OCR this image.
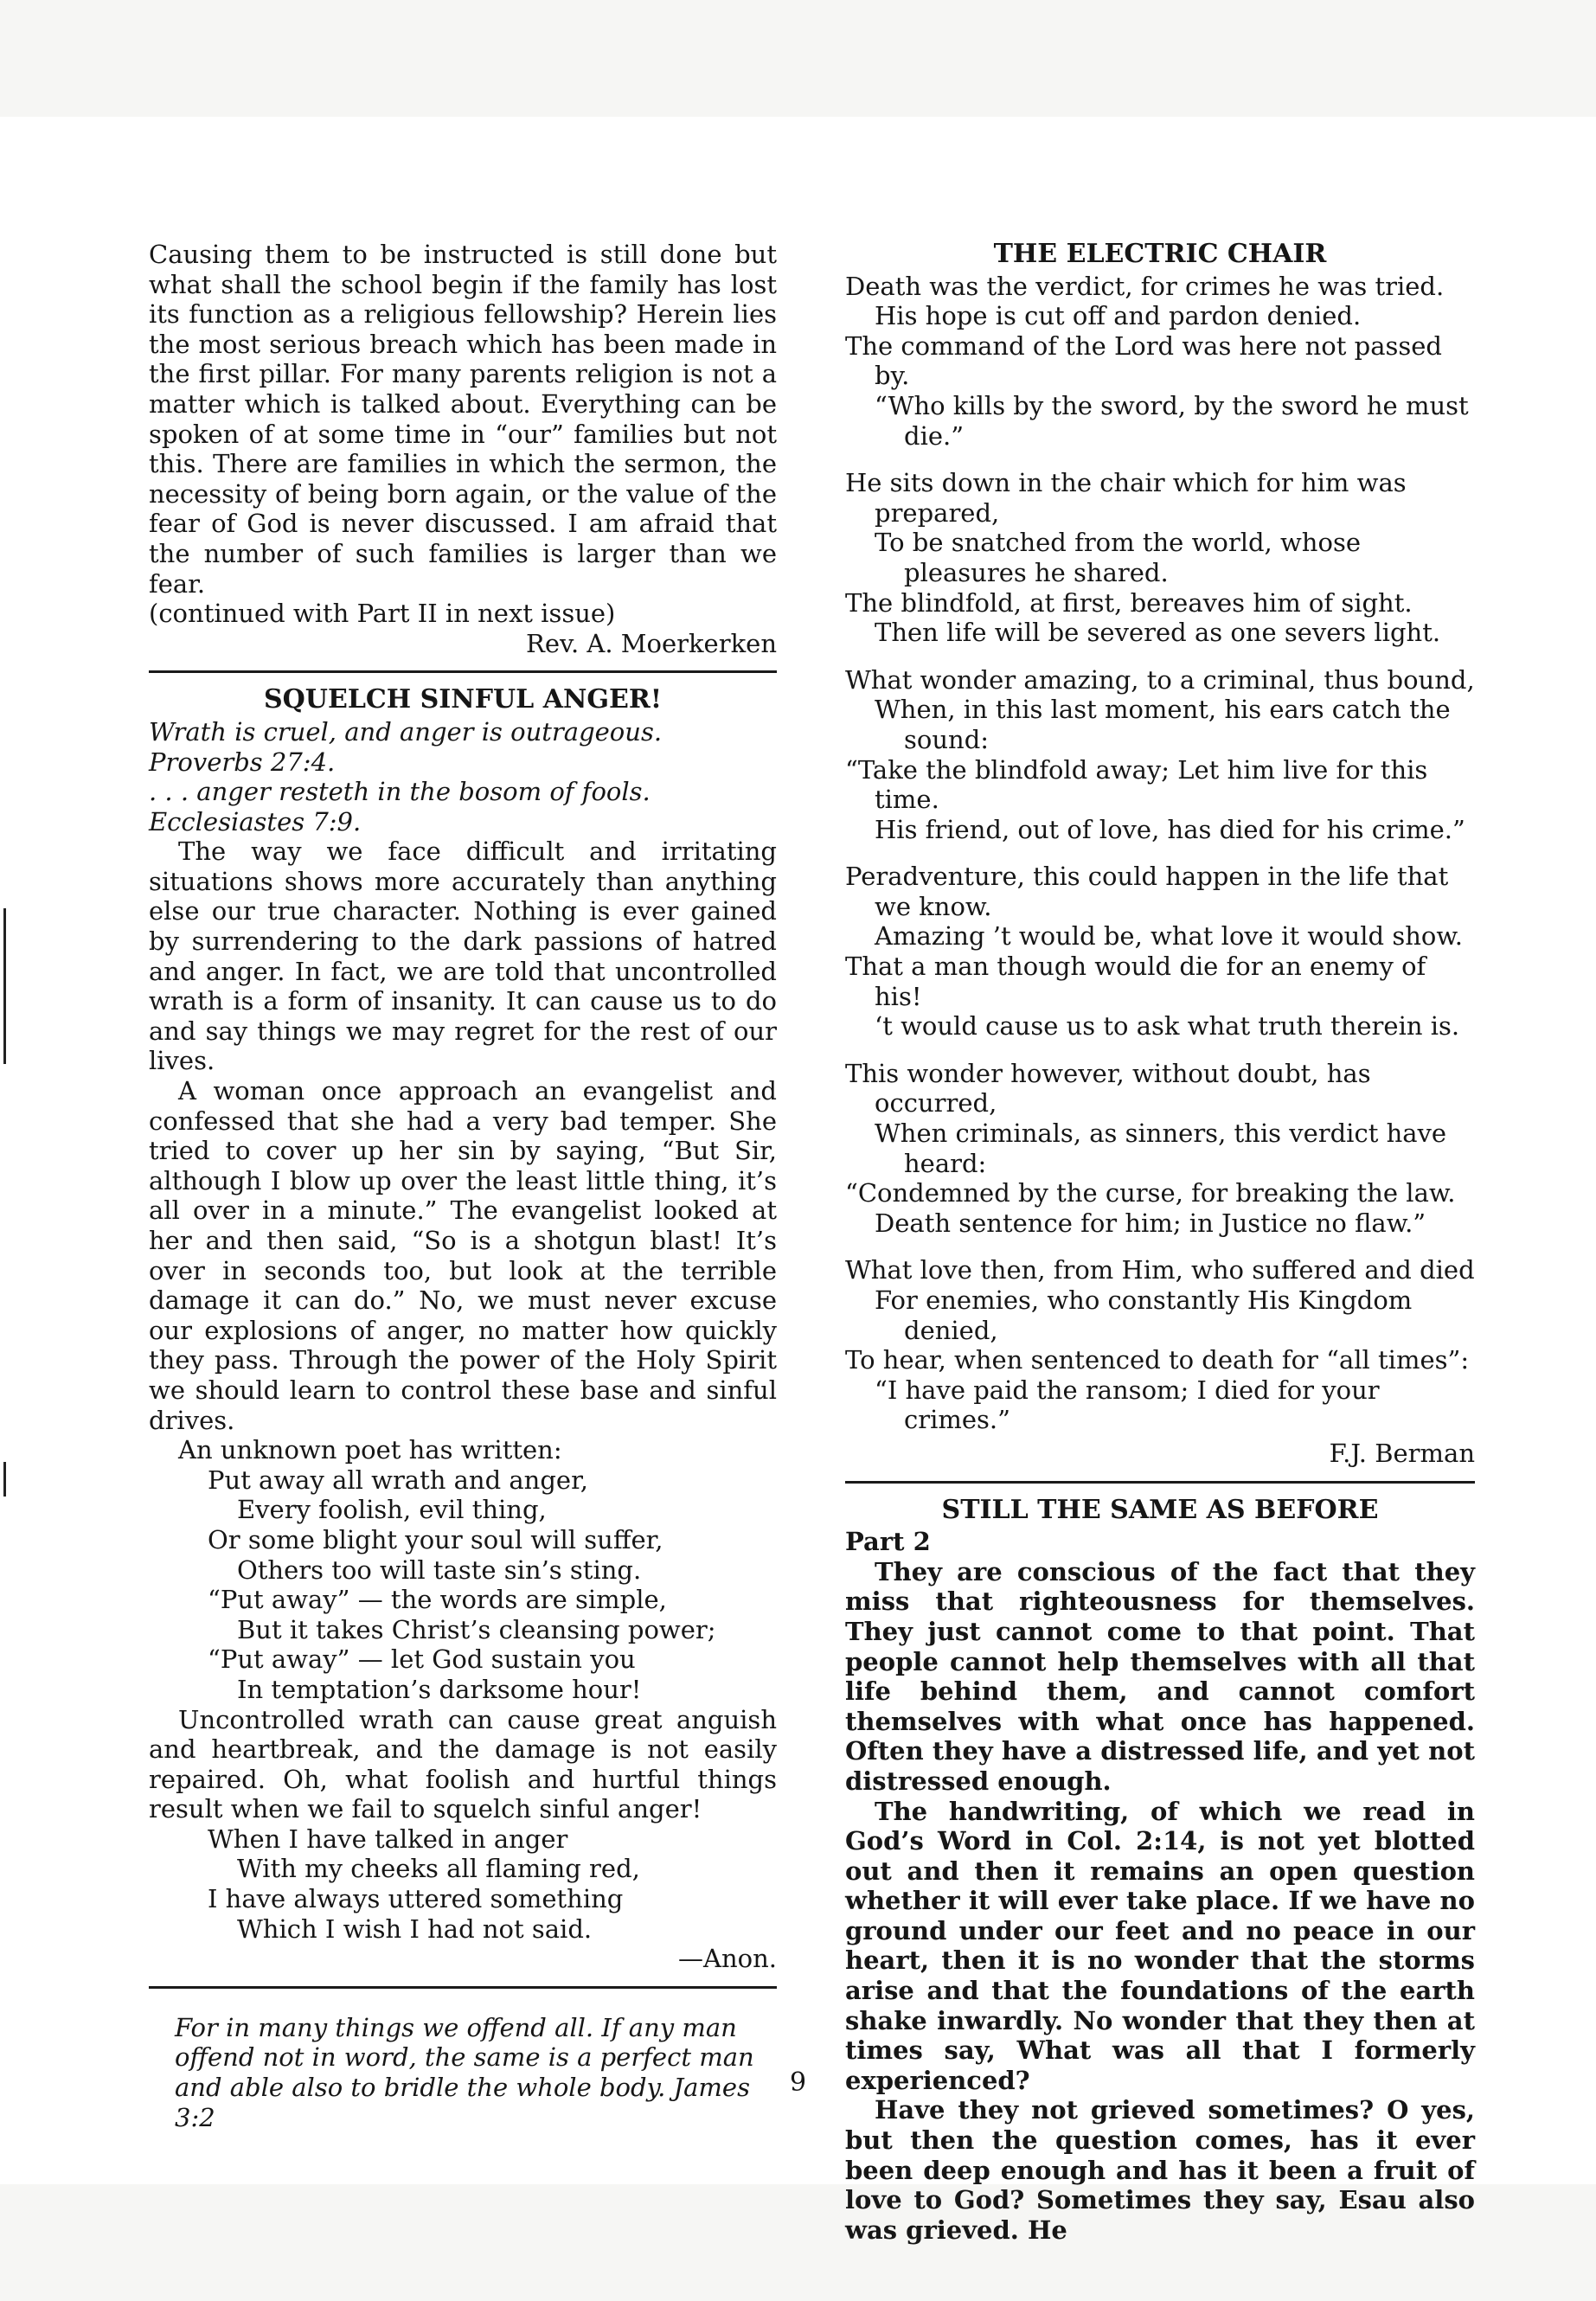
Causing them to be instructed is still done but what shall the school begin if the family has lost its function as a religious fellowship? Herein lies the most serious breach which has been made in the first pillar. For many parents religion is not a matter which is talked about. Everything can be spoken of at some time in “our” families but not this. There are families in which the sermon, the necessity of being born again, or the value of the fear of God is never discussed. I am afraid that the number of such families is larger than we fear.

(continued with Part II in next issue)

Rev. A. Moerkerken

SQUELCH SINFUL ANGER!

Wrath is cruel, and anger is outrageous. Proverbs 27:4.

. . . anger resteth in the bosom of fools. Ecclesiastes 7:9.

The way we face difficult and irritating situations shows more accurately than anything else our true character. Nothing is ever gained by surrendering to the dark passions of hatred and anger. In fact, we are told that uncontrolled wrath is a form of insanity. It can cause us to do and say things we may regret for the rest of our lives.

A woman once approach an evangelist and confessed that she had a very bad temper. She tried to cover up her sin by saying, “But Sir, although I blow up over the least little thing, it’s all over in a minute.” The evangelist looked at her and then said, “So is a shotgun blast! It’s over in seconds too, but look at the terrible damage it can do.” No, we must never excuse our explosions of anger, no matter how quickly they pass. Through the power of the Holy Spirit we should learn to control these base and sinful drives.

An unknown poet has written:

Put away all wrath and anger,

Every foolish, evil thing,

Or some blight your soul will suffer,

Others too will taste sin’s sting.

“Put away” — the words are simple,

But it takes Christ’s cleansing power;

“Put away” — let God sustain you

In temptation’s darksome hour!

Uncontrolled wrath can cause great anguish and heartbreak, and the damage is not easily repaired. Oh, what foolish and hurtful things result when we fail to squelch sinful anger!

When I have talked in anger

With my cheeks all flaming red,

I have always uttered something

Which I wish I had not said.

—Anon.

For in many things we offend all. If any man offend not in word, the same is a perfect man and able also to bridle the whole body. James 3:2

THE ELECTRIC CHAIR

Death was the verdict, for crimes he was tried.

His hope is cut off and pardon denied.

The command of the Lord was here not passed by.

“Who kills by the sword, by the sword he must die.”

He sits down in the chair which for him was prepared,

To be snatched from the world, whose pleasures he shared.

The blindfold, at first, bereaves him of sight.

Then life will be severed as one severs light.

What wonder amazing, to a criminal, thus bound,

When, in this last moment, his ears catch the sound:

“Take the blindfold away; Let him live for this time.

His friend, out of love, has died for his crime.”

Peradventure, this could happen in the life that we know.

Amazing ’t would be, what love it would show.

That a man though would die for an enemy of his!

‘t would cause us to ask what truth therein is.

This wonder however, without doubt, has occurred,

When criminals, as sinners, this verdict have heard:

“Condemned by the curse, for breaking the law.

Death sentence for him; in Justice no flaw.”

What love then, from Him, who suffered and died

For enemies, who constantly His Kingdom denied,

To hear, when sentenced to death for “all times”:

“I have paid the ransom; I died for your crimes.”

F.J. Berman

STILL THE SAME AS BEFORE

Part 2

They are conscious of the fact that they miss that righteousness for themselves. They just cannot come to that point. That people cannot help themselves with all that life behind them, and cannot comfort themselves with what once has happened. Often they have a distressed life, and yet not distressed enough.

The handwriting, of which we read in God’s Word in Col. 2:14, is not yet blotted out and then it remains an open question whether it will ever take place. If we have no ground under our feet and no peace in our heart, then it is no wonder that the storms arise and that the foundations of the earth shake inwardly. No wonder that they then at times say, What was all that I formerly experienced?

Have they not grieved sometimes? O yes, but then the question comes, has it ever been deep enough and has it been a fruit of love to God? Sometimes they say, Esau also was grieved. He

9
